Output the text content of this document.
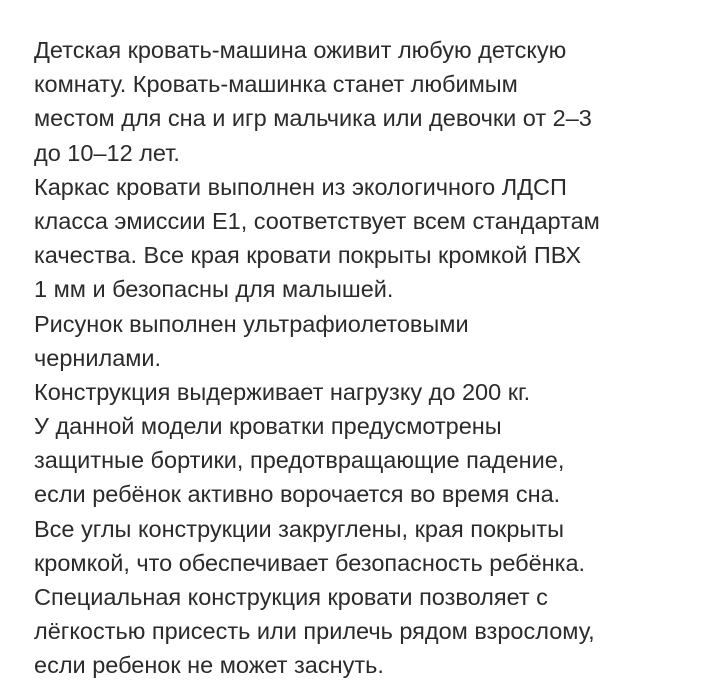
Детская кровать-машина оживит любую детскую
комнату. Кровать-машинка станет любимым
местом для сна и игр мальчика или девочки от 2–3
до 10–12 лет.
Каркас кровати выполнен из экологичного ЛДСП
класса эмиссии Е1, соответствует всем стандартам
качества. Все края кровати покрыты кромкой ПВХ
1 мм и безопасны для малышей.
Рисунок выполнен ультрафиолетовыми
чернилами.
Конструкция выдерживает нагрузку до 200 кг.
У данной модели кроватки предусмотрены
защитные бортики, предотвращающие падение,
если ребёнок активно ворочается во время сна.
Все углы конструкции закруглены, края покрыты
кромкой, что обеспечивает безопасность ребёнка.
Специальная конструкция кровати позволяет с
лёгкостью присесть или прилечь рядом взрослому,
если ребенок не может заснуть.
